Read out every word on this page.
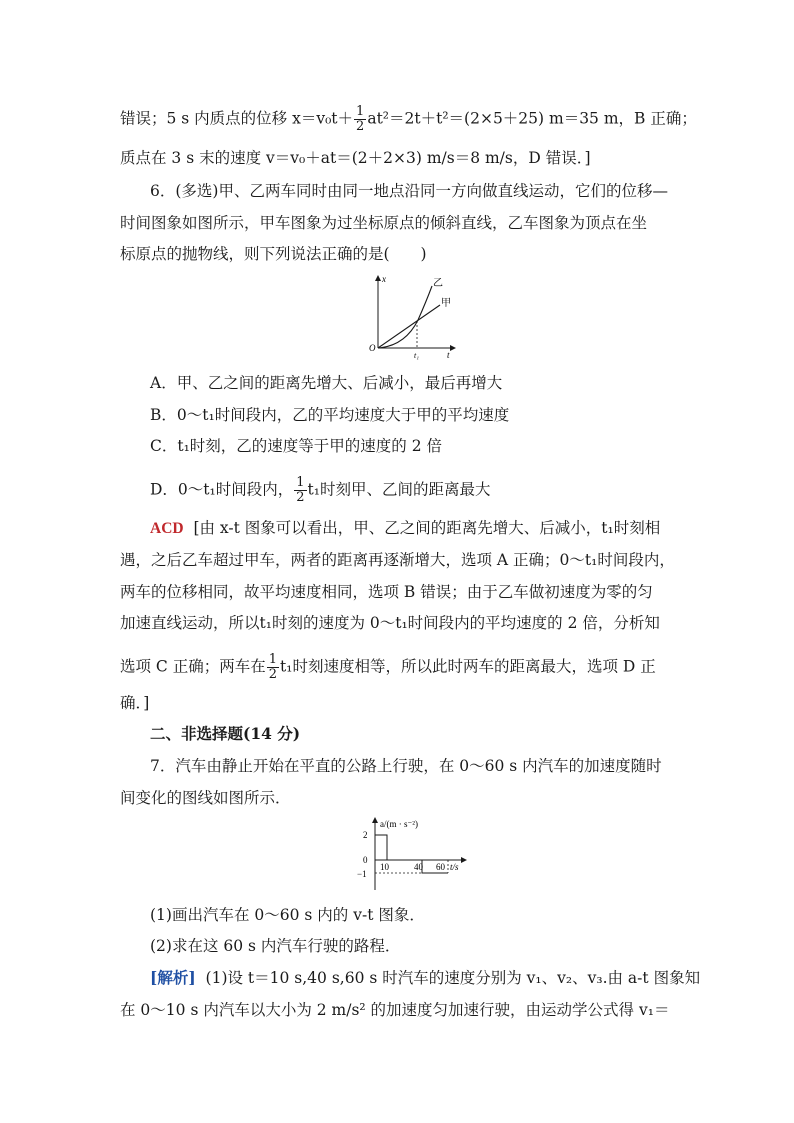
错误；5 s 内质点的位移 $x=v_0t+ \frac{1}{2} at^2=2t+t^2=(2\times 5+25)$ m＝35 m，B 正确；
质点在 3 s 末的速度 v＝v₀＋at＝(2＋2×3) m/s＝8 m/s，D 错误．]
6．(多选)甲、乙两车同时由同一地点沿同一方向做直线运动，它们的位移—
时间图象如图所示，甲车图象为过坐标原点的倾斜直线，乙车图象为顶点在坐
标原点的抛物线，则下列说法正确的是(　　)
x
t
O
t₁
乙
甲
A．甲、乙之间的距离先增大、后减小，最后再增大
B．0～t₁时间段内，乙的平均速度大于甲的平均速度
C．t₁时刻，乙的速度等于甲的速度的 2 倍
D．0～t₁时间段内， $\frac{1}{2} t_1$时刻甲、乙间的距离最大
ACD [由 x-t 图象可以看出，甲、乙之间的距离先增大、后减小，t₁时刻相
遇，之后乙车超过甲车，两者的距离再逐渐增大，选项 A 正确；0～t₁时间段内，
两车的位移相同，故平均速度相同，选项 B 错误；由于乙车做初速度为零的匀
加速直线运动，所以t₁时刻的速度为 0～t₁时间段内的平均速度的 2 倍，分析知
选项 C 正确；两车在 $\frac{1}{2} t_1$时刻速度相等，所以此时两车的距离最大，选项 D 正
确．]
二、非选择题(14 分)
7．汽车由静止开始在平直的公路上行驶，在 0～60 s 内汽车的加速度随时
间变化的图线如图所示．
a/(m · s⁻²)
t/s
2
0
−1
10	40 60
(1)画出汽车在 0～60 s 内的 v-t 图象．
(2)求在这 60 s 内汽车行驶的路程．
[解析] (1)设 t＝10 s,40 s,60 s 时汽车的速度分别为 v₁、v₂、v₃.由 a-t 图象知
在 0～10 s 内汽车以大小为 2 m/s² 的加速度匀加速行驶，由运动学公式得 v₁＝
